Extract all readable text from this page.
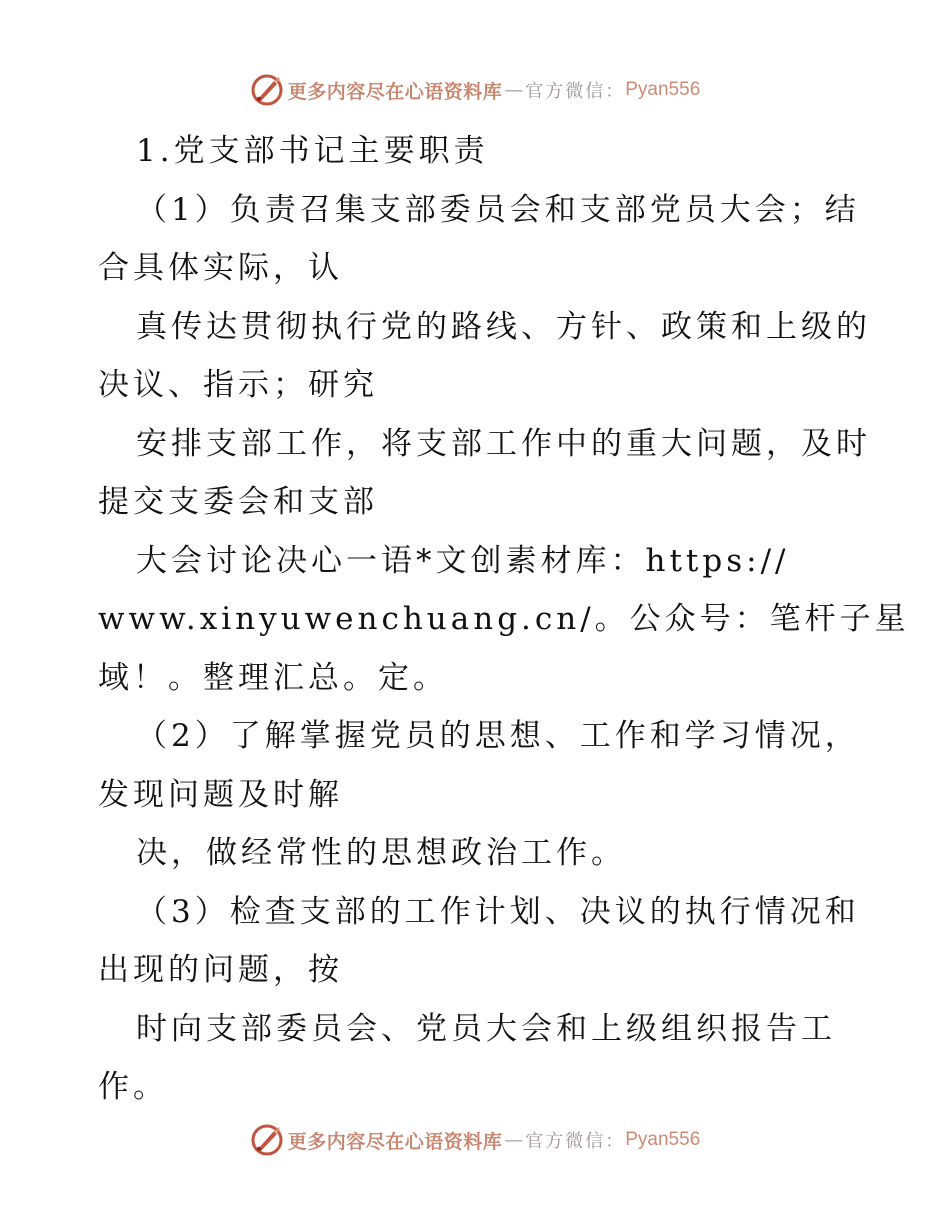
更多内容尽在心语资料库 — 官方微信： Pyan556
1.党支部书记主要职责
（1）负责召集支部委员会和支部党员大会；结
合具体实际，认
真传达贯彻执行党的路线、方针、政策和上级的
决议、指示；研究
安排支部工作，将支部工作中的重大问题，及时
提交支委会和支部
大会讨论决心一语*文创素材库：https://
www.xinyuwenchuang.cn/。公众号：笔杆子星
域！。整理汇总。定。
（2）了解掌握党员的思想、工作和学习情况，
发现问题及时解
决，做经常性的思想政治工作。
（3）检查支部的工作计划、决议的执行情况和
出现的问题，按
时向支部委员会、党员大会和上级组织报告工
作。
更多内容尽在心语资料库 — 官方微信： Pyan556
